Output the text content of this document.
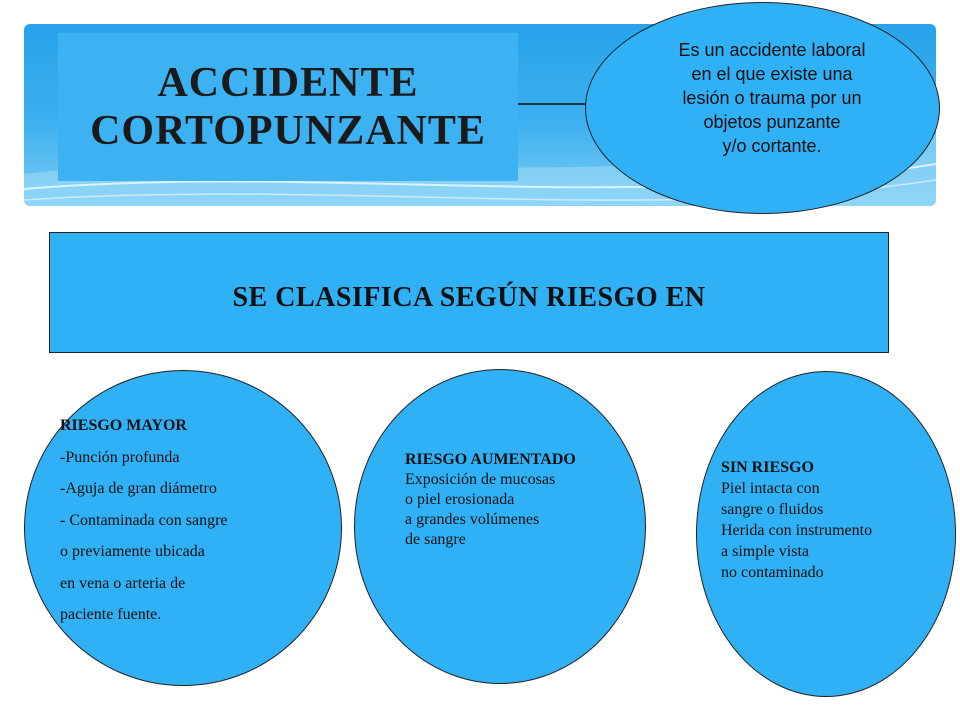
ACCIDENTE
CORTOPUNZANTE
Es un accidente laboral
en el que existe una
lesión o trauma por un
objetos punzante
y/o cortante.
SE CLASIFICA SEGÚN RIESGO EN
RIESGO MAYOR
-Punción profunda
-Aguja de gran diámetro
- Contaminada con sangre
o previamente ubicada
en vena o arteria de
paciente fuente.
RIESGO AUMENTADO
Exposición de mucosas
o piel erosionada
a grandes volúmenes
de sangre
SIN RIESGO
Piel intacta con
sangre o fluidos
Herida con instrumento
a simple vista
no contaminado
